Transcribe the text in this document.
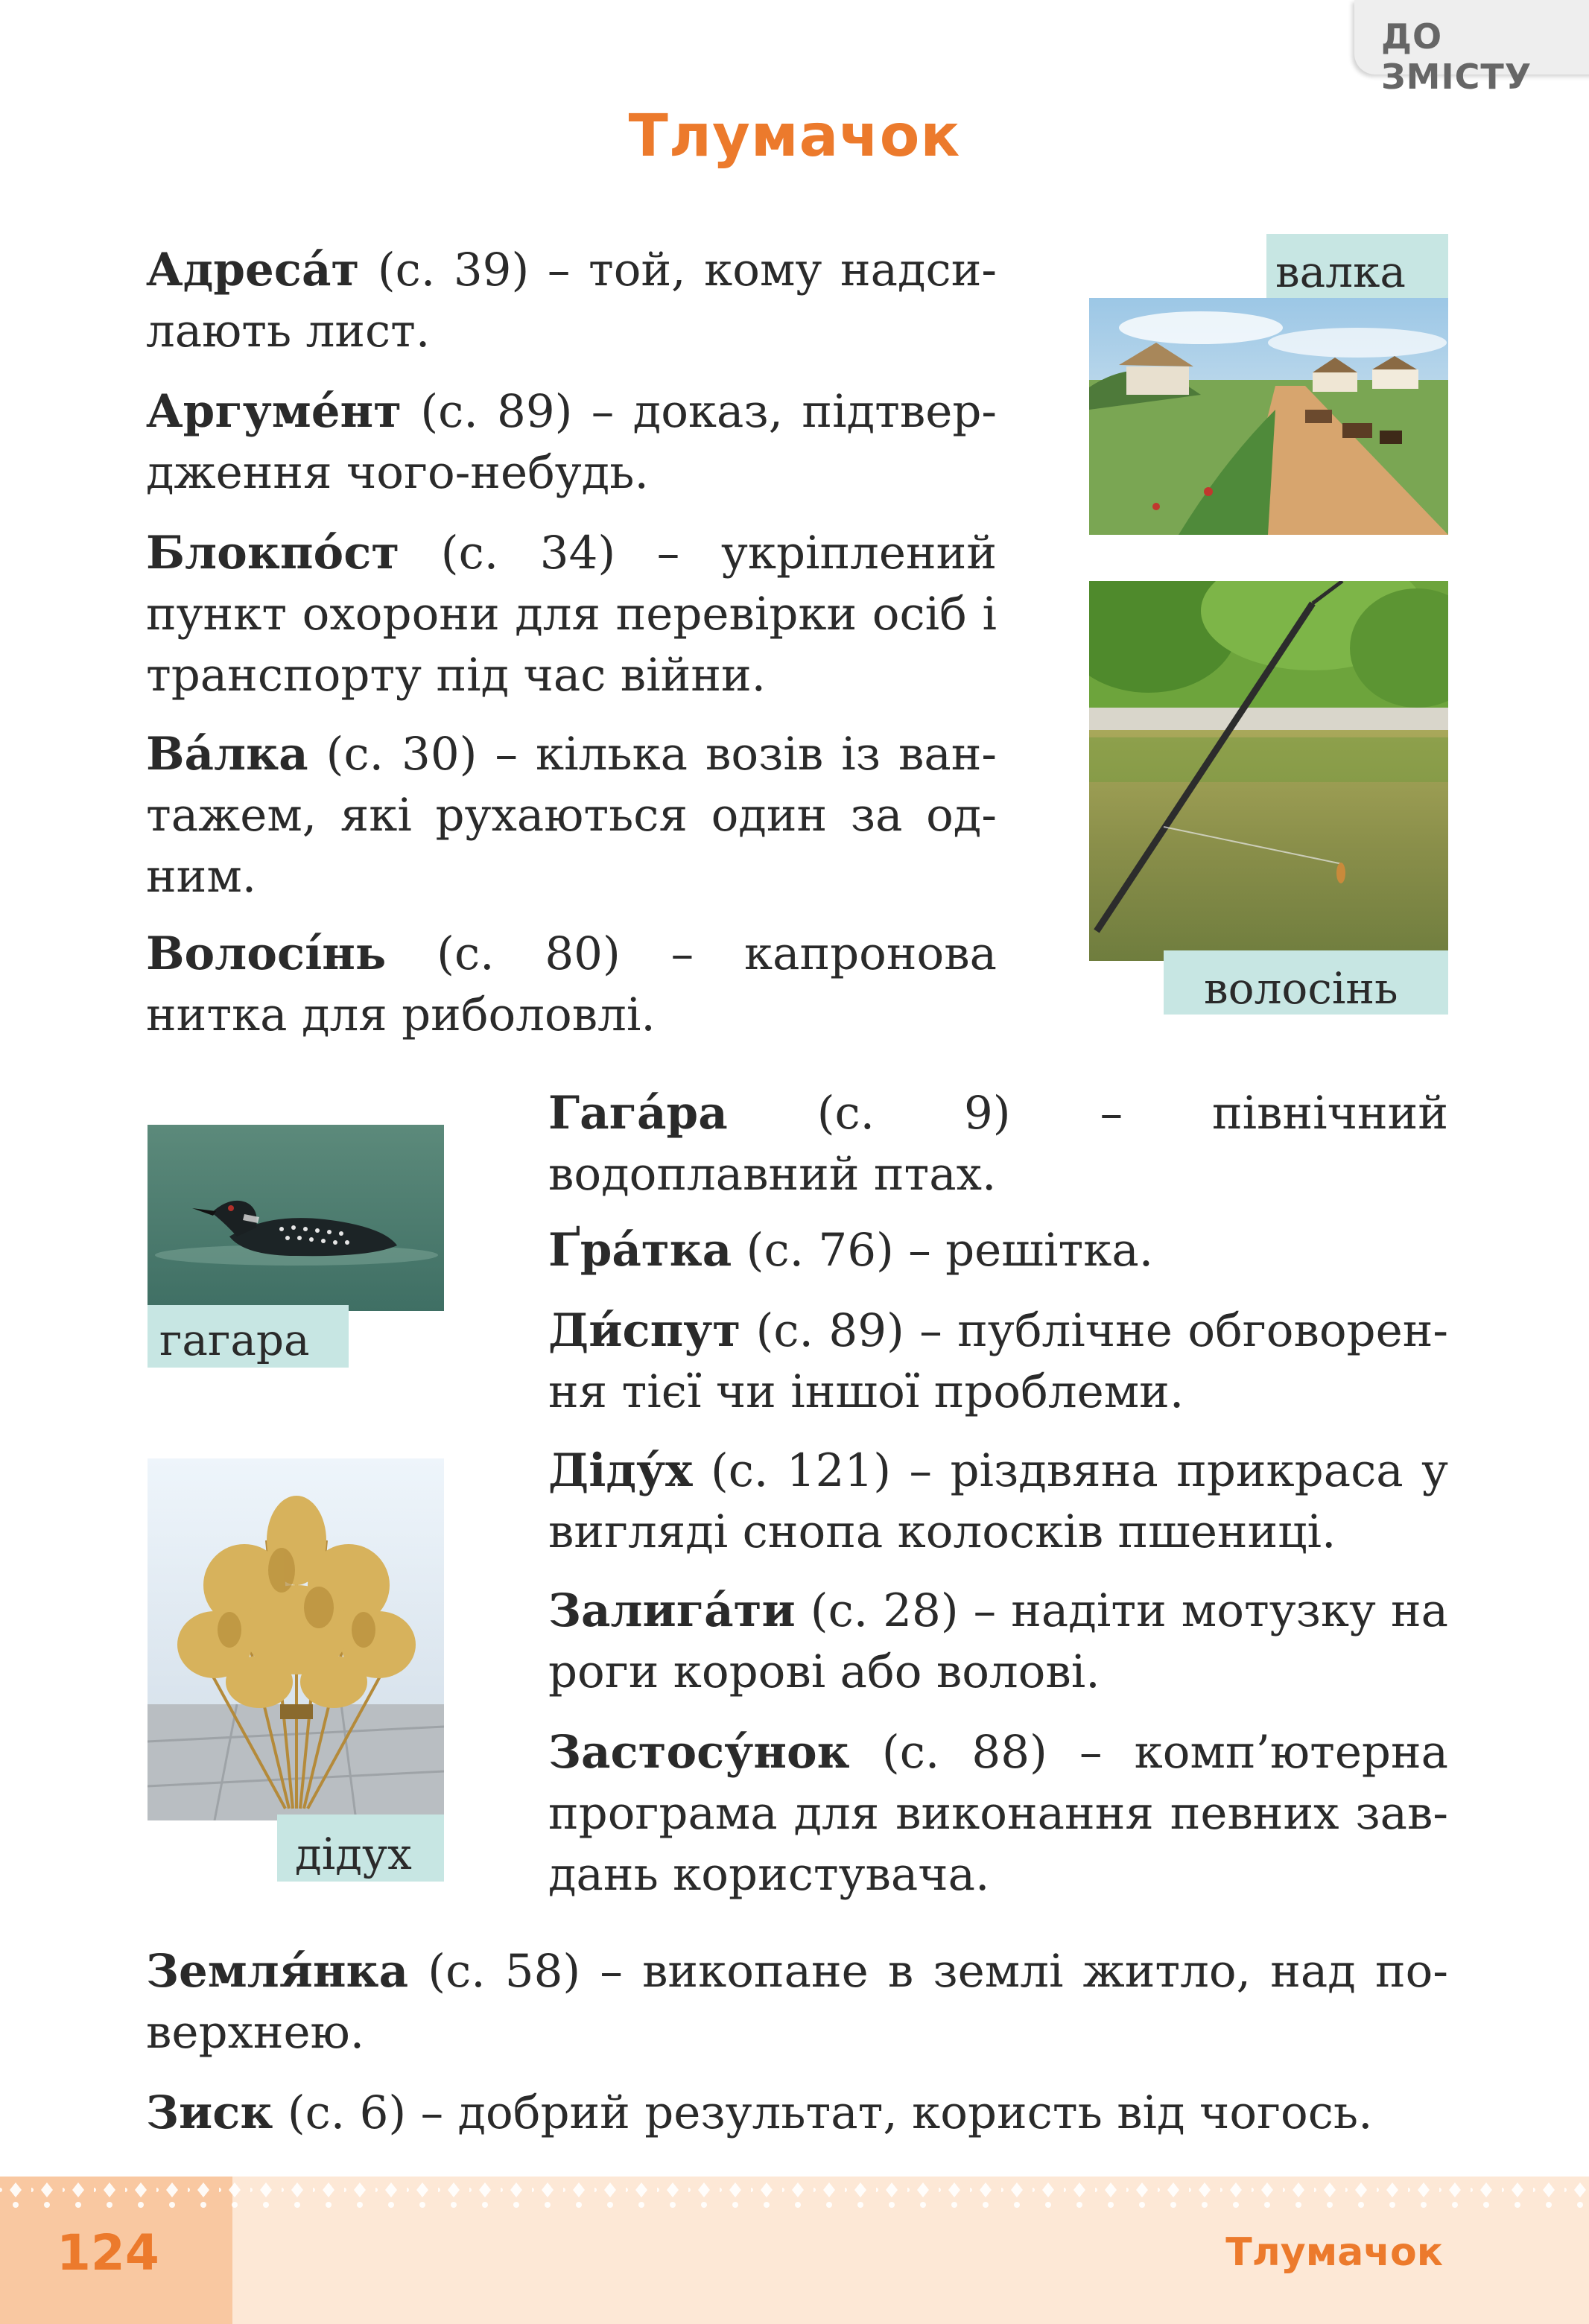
ДО ЗМІСТУ
Тлумачок
Адреса́т (с. 39) – той, кому надсилають лист.
Аргуме́нт (с. 89) – доказ, підтвердження чого-небудь.
Блокпо́ст (с. 34) – укріплений пункт охорони для перевірки осіб і транспорту під час війни.
Ва́лка (с. 30) – кілька возів із вантажем, які рухаються один за одним.
Волосі́нь (с. 80) – капронова нитка для риболовлі.
Гага́ра (с. 9) – північний водоплавний птах.
Ґра́тка (с. 76) – решітка.
Ди́спут (с. 89) – публічне обговорення тієї чи іншої проблеми.
Діду́х (с. 121) – різдвяна прикраса у вигляді снопа колосків пшениці.
Залига́ти (с. 28) – надіти мотузку на роги корові або волові.
Застосу́нок (с. 88) – комп’ютерна програма для виконання певних завдань користувача.
Земля́нка (с. 58) – викопане в землі житло, над поверхнею.
Зиск (с. 6) – добрий результат, користь від чогось.
валка
волосінь
гагара
дідух
124	Тлумачок
